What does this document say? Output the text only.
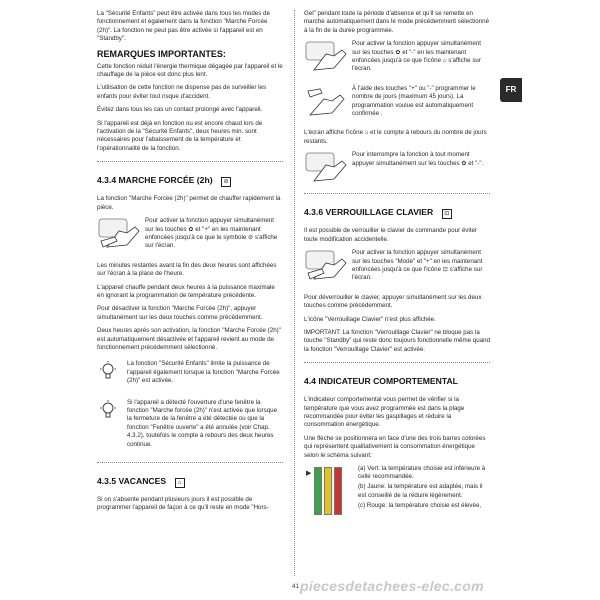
La "Sécurité Enfants" peut être activée dans tous les modes de fonctionnement et également dans la fonction "Marche Forcée (2h)". La fonction ne peut pas être activée si l'appareil est en "Standby".

REMARQUES IMPORTANTES:

Cette fonction réduit l'énergie thermique dégagée par l'appareil et le chauffage de la pièce est donc plus lent.

L'utilisation de cette fonction ne dispense pas de surveiller les enfants pour éviter tout risque d'accident.

Évitez dans tous les cas un contact prolongé avec l'appareil.

Si l'appareil est déjà en fonction ou est encore chaud lors de l'activation de la "Sécurité Enfants", deux heures min. sont nécessaires pour l'abaissement de la température et l'opérationnalité de la fonction.

4.3.4 MARCHE FORCÉE (2h) ⊘

La fonction "Marche Forcée (2h)" permet de chauffer rapidement la pièce.

Pour activer la fonction appuyer simultanément sur les touches ✿ et "+" en les maintenant enfoncées jusqu'à ce que le symbole ⊘ s'affiche sur l'écran.

Les minutes restantes avant la fin des deux heures sont affichées sur l'écran à la place de l'heure.

L'appareil chauffe pendant deux heures à la puissance maximale en ignorant la programmation de température précédente.

Pour désactiver la fonction "Marche Forcée (2h)", appuyer simultanément sur les deux touches comme précédemment.

Deux heures après son activation, la fonction "Marche Forcée (2h)" est automatiquement désactivée et l'appareil revient au mode de fonctionnement précédemment sélectionné.

La fonction "Sécurité Enfants" limite la puissance de l'appareil également lorsque la fonction "Marche Forcée (2h)" est activée.

Si l'appareil a détecté l'ouverture d'une fenêtre la fonction "Marche forcée (2h)" n'est activée que lorsque la fermeture de la fenêtre a été détectée ou que la fonction "Fenêtre ouverte" a été annulée (voir Chap. 4.3.2), toutefois le compte à rebours des deux heures continue.

4.3.5 VACANCES ⌂

Si on s'absente pendant plusieurs jours il est possible de programmer l'appareil de façon à ce qu'il reste en mode "Hors-

Gel" pendant toute la période d'absence et qu'il se remette en marche automatiquement dans le mode précédemment sélectionné à la fin de la durée programmée.

Pour activer la fonction appuyer simultanément sur les touches ✿ et "-" en les maintenant enfoncées jusqu'à ce que l'icône ⌂ s'affiche sur l'écran.

À l'aide des touches "+" ou "-" programmer le nombre de jours (maximum 45 jours). La programmation voulue est automatiquement confirmée .

L'écran affiche l'icône ⌂ et le compte à rebours du nombre de jours restants.

Pour interrompre la fonction à tout moment appuyer simultanément sur les touches ✿ et "-".

4.3.6 VERROUILLAGE CLAVIER ⊡

Il est possible de verrouiller le clavier de commande pour éviter toute modification accidentelle.

Pour activer la fonction appuyer simultanément sur les touches "Mode" et "+" en les maintenant enfoncées jusqu'à ce que l'icône ⊡ s'affiche sur l'écran.

Pour déverrouiller le clavier, appuyer simultanément sur les deux touches comme précédemment.

L'icône "Verrouillage Clavier" n'est plus affichée.

IMPORTANT: La fonction "Verrouillage Clavier" ne bloque pas la touche "Standby" qui reste donc toujours fonctionnelle même quand la fonction "Verrouillage Clavier" est activée.

4.4 INDICATEUR COMPORTEMENTAL

L'indicateur comportemental vous permet de vérifier si la température que vous avez programmée est dans la plage recommandée pour éviter les gaspillages et réduire la consommation énergétique.

Une flèche se positionnera en face d'une des trois barres colorées qui représentent qualitativement la consommation énergétique selon le schéma suivant:

▶
(a) Vert: la température choisie est inférieure à celle recommandée.
(b) Jaune: la température est adaptée, mais il est conseillé de la réduire légèrement.
(c) Rouge: la température choisie est élevée,
FR
piecesdetachees-elec.com
41
